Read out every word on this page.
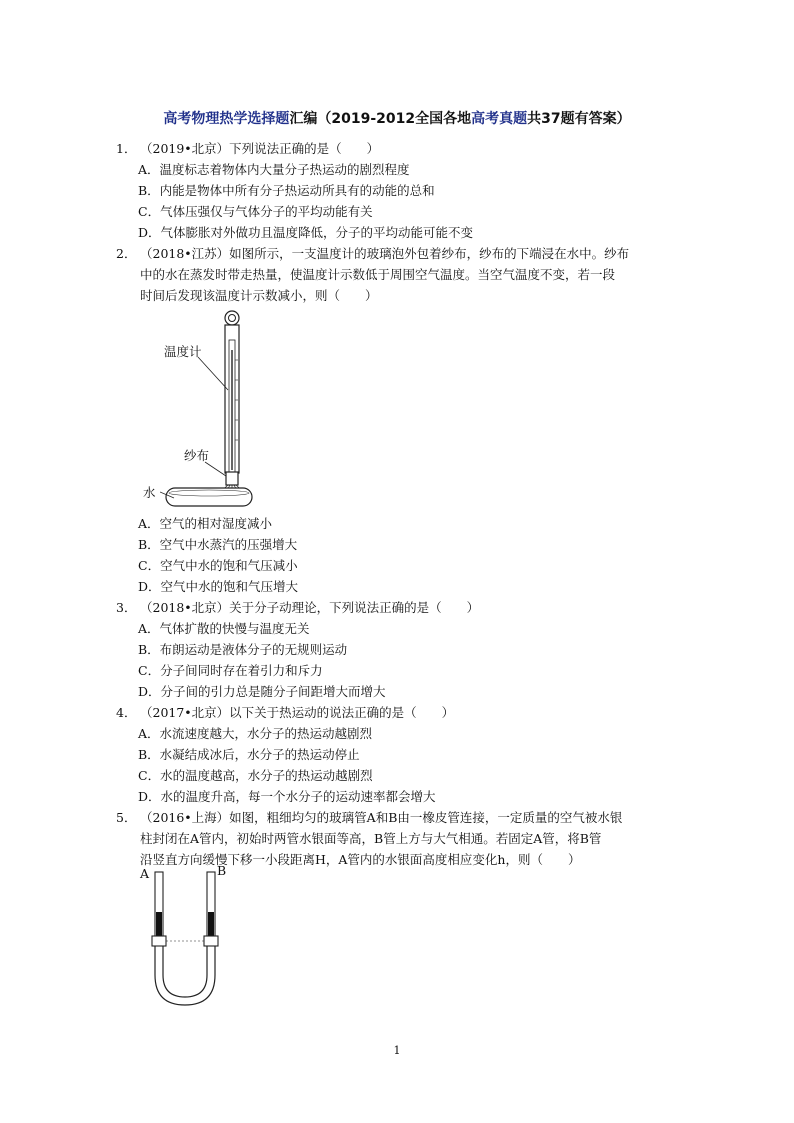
高考物理热学选择题汇编（2019-2012全国各地高考真题共37题有答案）
1． （2019•北京）下列说法正确的是（　　）
A．温度标志着物体内大量分子热运动的剧烈程度
B．内能是物体中所有分子热运动所具有的动能的总和
C．气体压强仅与气体分子的平均动能有关
D．气体膨胀对外做功且温度降低，分子的平均动能可能不变
2． （2018•江苏）如图所示，一支温度计的玻璃泡外包着纱布，纱布的下端浸在水中。纱布
中的水在蒸发时带走热量，使温度计示数低于周围空气温度。当空气温度不变，若一段
时间后发现该温度计示数减小，则（　　）
温度计
纱布
水
A．空气的相对湿度减小
B．空气中水蒸汽的压强增大
C．空气中水的饱和气压减小
D．空气中水的饱和气压增大
3． （2018•北京）关于分子动理论，下列说法正确的是（　　）
A．气体扩散的快慢与温度无关
B．布朗运动是液体分子的无规则运动
C．分子间同时存在着引力和斥力
D．分子间的引力总是随分子间距增大而增大
4． （2017•北京）以下关于热运动的说法正确的是（　　）
A．水流速度越大，水分子的热运动越剧烈
B．水凝结成冰后，水分子的热运动停止
C．水的温度越高，水分子的热运动越剧烈
D．水的温度升高，每一个水分子的运动速率都会增大
5． （2016•上海）如图，粗细均匀的玻璃管A和B由一橡皮管连接，一定质量的空气被水银
柱封闭在A管内，初始时两管水银面等高，B管上方与大气相通。若固定A管，将B管
沿竖直方向缓慢下移一小段距离H，A管内的水银面高度相应变化h，则（　　）
A	B
1
